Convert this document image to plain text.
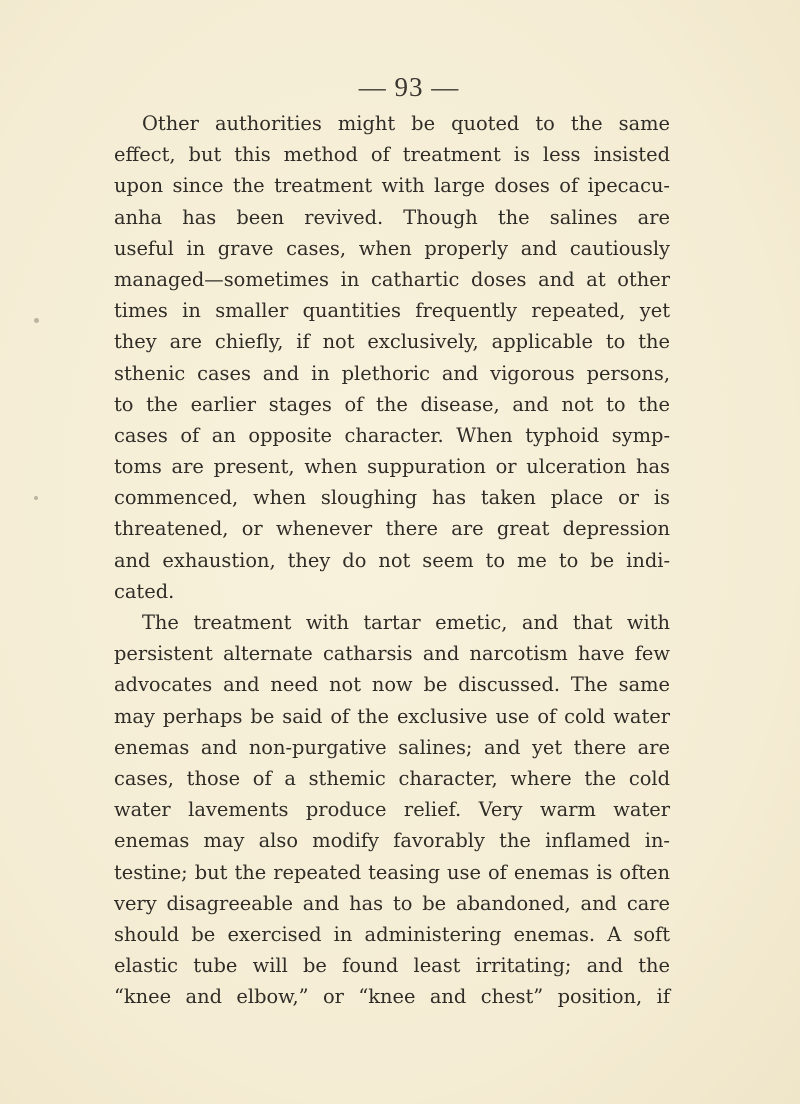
— 93 —
Other authorities might be quoted to the same
effect, but this method of treatment is less insisted
upon since the treatment with large doses of ipecacu-
anha has been revived. Though the salines are
useful in grave cases, when properly and cautiously
managed—sometimes in cathartic doses and at other
times in smaller quantities frequently repeated, yet
they are chiefly, if not exclusively, applicable to the
sthenic cases and in plethoric and vigorous persons,
to the earlier stages of the disease, and not to the
cases of an opposite character. When typhoid symp-
toms are present, when suppuration or ulceration has
commenced, when sloughing has taken place or is
threatened, or whenever there are great depression
and exhaustion, they do not seem to me to be indi-
cated.
The treatment with tartar emetic, and that with
persistent alternate catharsis and narcotism have few
advocates and need not now be discussed. The same
may perhaps be said of the exclusive use of cold water
enemas and non-purgative salines; and yet there are
cases, those of a sthemic character, where the cold
water lavements produce relief. Very warm water
enemas may also modify favorably the inflamed in-
testine; but the repeated teasing use of enemas is often
very disagreeable and has to be abandoned, and care
should be exercised in administering enemas. A soft
elastic tube will be found least irritating; and the
“knee and elbow,” or “knee and chest” position, if
